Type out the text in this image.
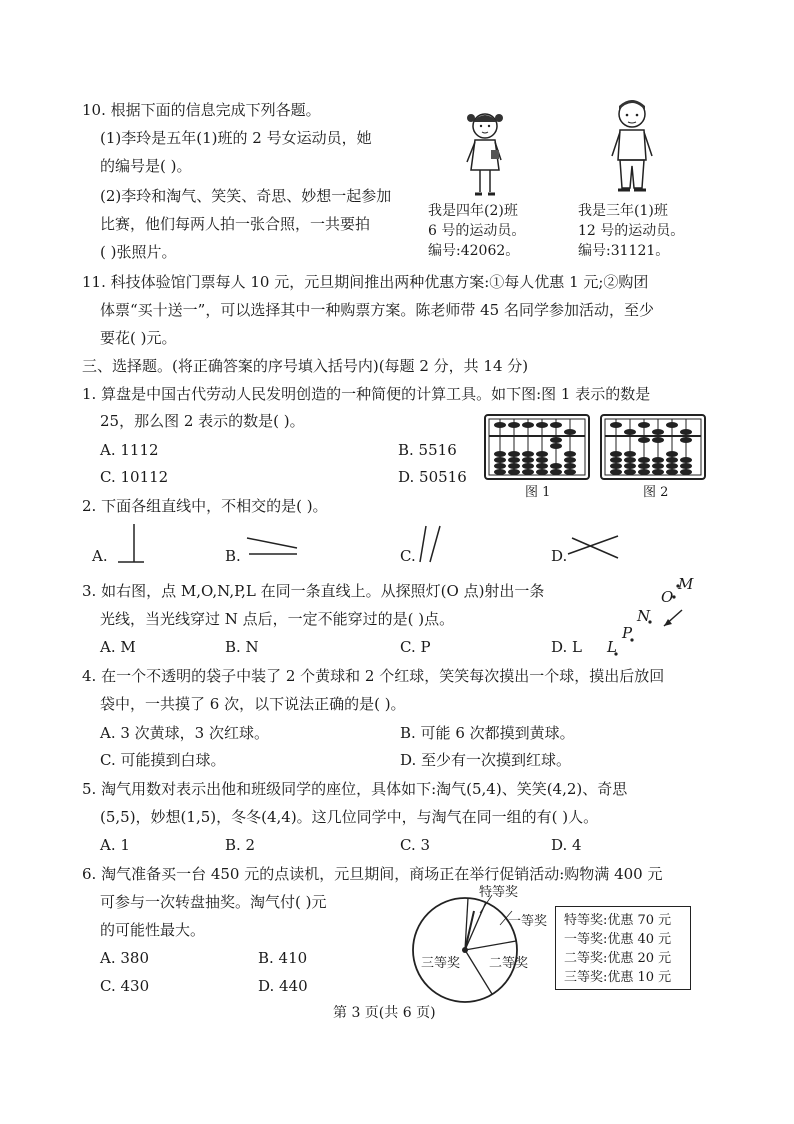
10. 根据下面的信息完成下列各题。
(1)李玲是五年(1)班的 2 号女运动员，她
的编号是( )。
(2)李玲和淘气、笑笑、奇思、妙想一起参加
比赛，他们每两人拍一张合照，一共要拍
( )张照片。
我是四年(2)班
6 号的运动员。
编号:42062。
我是三年(1)班
12 号的运动员。
编号:31121。
11. 科技体验馆门票每人 10 元，元旦期间推出两种优惠方案:①每人优惠 1 元;②购团
体票“买十送一”，可以选择其中一种购票方案。陈老师带 45 名同学参加活动，至少
要花( )元。
三、选择题。(将正确答案的序号填入括号内)(每题 2 分，共 14 分)
1. 算盘是中国古代劳动人民发明创造的一种简便的计算工具。如下图:图 1 表示的数是
25，那么图 2 表示的数是( )。
A. 1112	B. 5516
C. 10112	D. 50516
图 1	图 2
2. 下面各组直线中，不相交的是( )。
A.	B.	C.	D.
3. 如右图，点 M,O,N,P,L 在同一条直线上。从探照灯(O 点)射出一条
光线，当光线穿过 N 点后，一定不能穿过的是( )点。
A. M	B. N	C. P	D. L
M
O
N
P
L
4. 在一个不透明的袋子中装了 2 个黄球和 2 个红球，笑笑每次摸出一个球，摸出后放回
袋中，一共摸了 6 次，以下说法正确的是( )。
A. 3 次黄球，3 次红球。	B. 可能 6 次都摸到黄球。
C. 可能摸到白球。	D. 至少有一次摸到红球。
5. 淘气用数对表示出他和班级同学的座位，具体如下:淘气(5,4)、笑笑(4,2)、奇思
(5,5)，妙想(1,5)，冬冬(4,4)。这几位同学中，与淘气在同一组的有( )人。
A. 1	B. 2	C. 3	D. 4
6. 淘气准备买一台 450 元的点读机，元旦期间，商场正在举行促销活动:购物满 400 元
可参与一次转盘抽奖。淘气付( )元
的可能性最大。
A. 380	B. 410
C. 430	D. 440
特等奖
一等奖
二等奖
三等奖
特等奖:优惠 70 元
一等奖:优惠 40 元
二等奖:优惠 20 元
三等奖:优惠 10 元
第 3 页(共 6 页)
